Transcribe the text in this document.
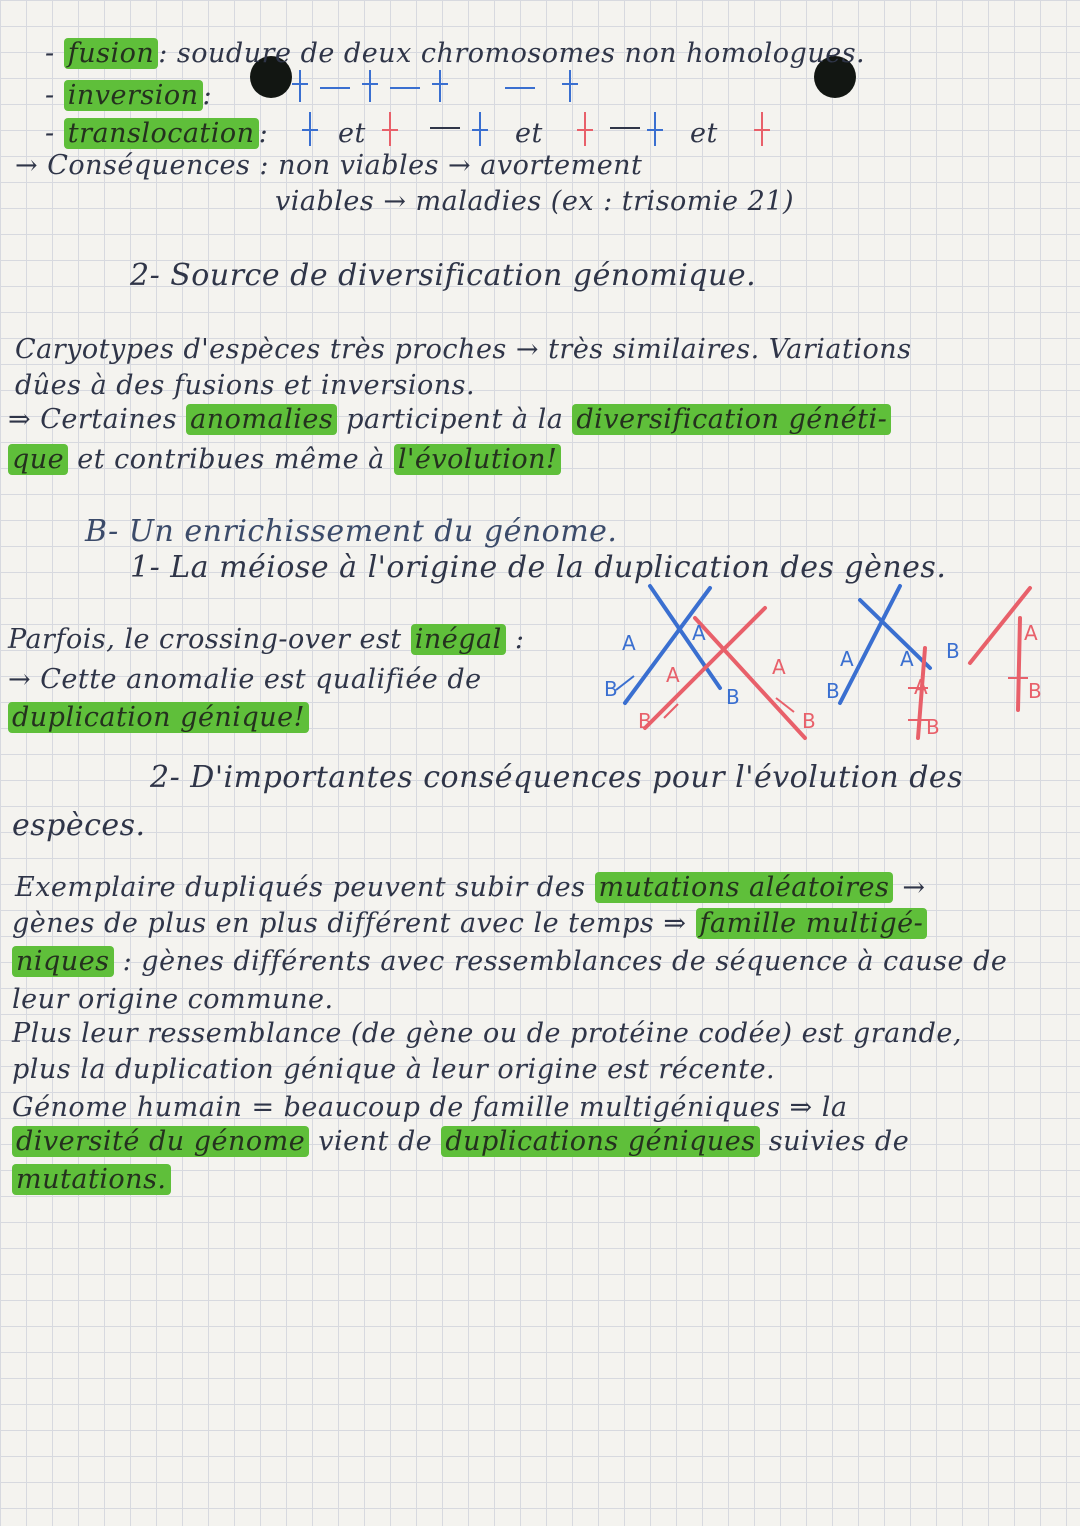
- fusion : soudure de deux chromosomes non homologues.
- inversion :
- translocation :	et	et	et
→ Conséquences : non viables → avortement
viables → maladies (ex : trisomie 21)
2- Source de diversification génomique.
Caryotypes d'espèces très proches → très similaires. Variations
dûes à des fusions et inversions.
⇒ Certaines anomalies participent à la diversification généti-
que et contribues même à l'évolution!
B- Un enrichissement du génome.
1- La méiose à l'origine de la duplication des gènes.
Parfois, le crossing-over est inégal :
→ Cette anomalie est qualifiée de
duplication génique!
A	A
A	A
B
B
B
B
A A
A
B
B
B
A
B
2- D'importantes conséquences pour l'évolution des
espèces.
Exemplaire dupliqués peuvent subir des mutations aléatoires →
gènes de plus en plus différent avec le temps ⇒ famille multigé-
niques : gènes différents avec ressemblances de séquence à cause de
leur origine commune.
Plus leur ressemblance (de gène ou de protéine codée) est grande,
plus la duplication génique à leur origine est récente.
Génome humain = beaucoup de famille multigéniques ⇒ la
diversité du génome vient de duplications géniques suivies de
mutations.
